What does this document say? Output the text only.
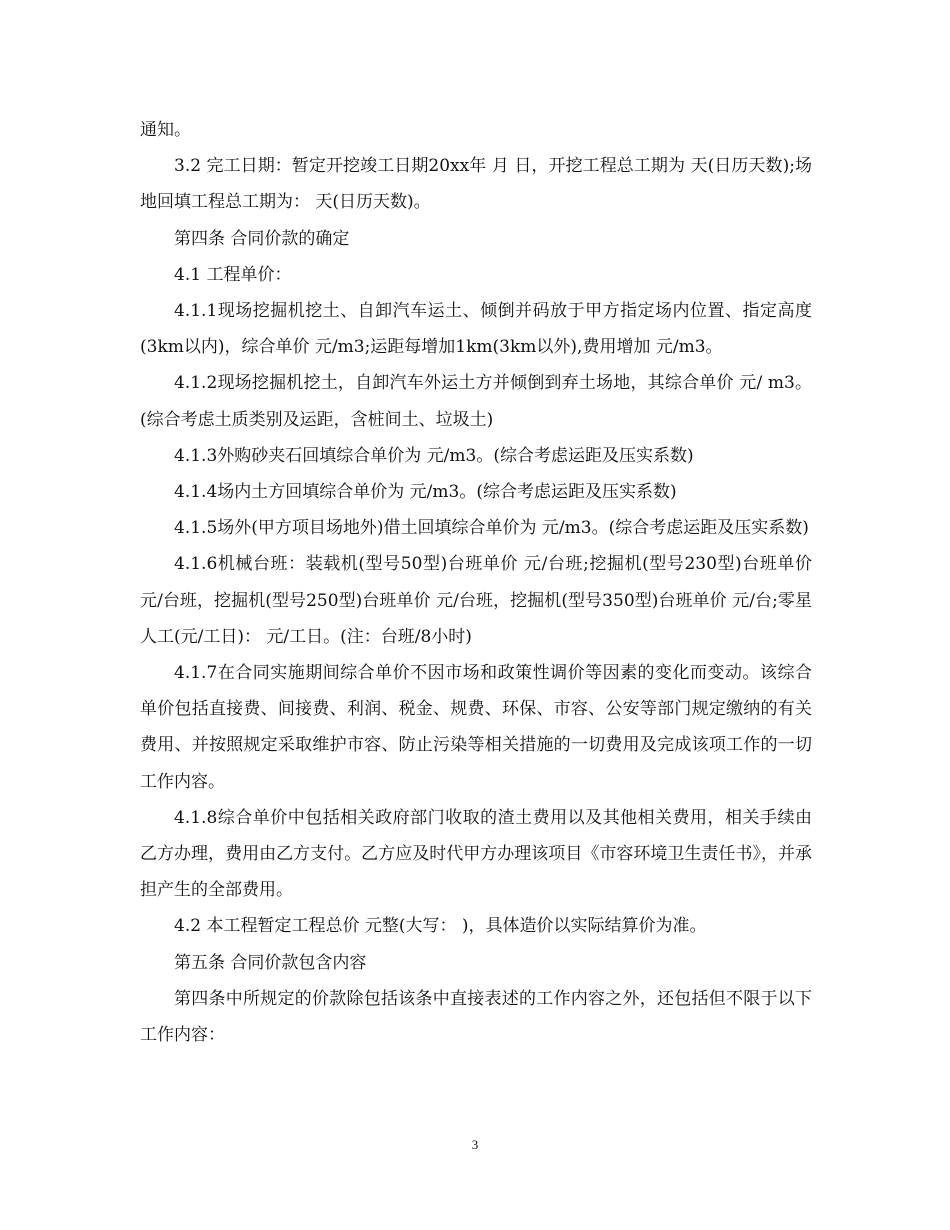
通知。

3.2 完工日期：暂定开挖竣工日期20xx年 月 日，开挖工程总工期为 天(日历天数);场地回填工程总工期为： 天(日历天数)。

第四条 合同价款的确定

4.1 工程单价：

4.1.1现场挖掘机挖土、自卸汽车运土、倾倒并码放于甲方指定场内位置、指定高度(3km以内)，综合单价 元/m3;运距每增加1km(3km以外),费用增加 元/m3。

4.1.2现场挖掘机挖土，自卸汽车外运土方并倾倒到弃土场地，其综合单价 元/ m3。(综合考虑土质类别及运距，含桩间土、垃圾土)

4.1.3外购砂夹石回填综合单价为 元/m3。(综合考虑运距及压实系数)

4.1.4场内土方回填综合单价为 元/m3。(综合考虑运距及压实系数)

4.1.5场外(甲方项目场地外)借土回填综合单价为 元/m3。(综合考虑运距及压实系数)

4.1.6机械台班：装载机(型号50型)台班单价 元/台班;挖掘机(型号230型)台班单价 元/台班，挖掘机(型号250型)台班单价 元/台班，挖掘机(型号350型)台班单价 元/台;零星人工(元/工日)： 元/工日。(注：台班/8小时)

4.1.7在合同实施期间综合单价不因市场和政策性调价等因素的变化而变动。该综合单价包括直接费、间接费、利润、税金、规费、环保、市容、公安等部门规定缴纳的有关费用、并按照规定采取维护市容、防止污染等相关措施的一切费用及完成该项工作的一切工作内容。

4.1.8综合单价中包括相关政府部门收取的渣土费用以及其他相关费用，相关手续由乙方办理，费用由乙方支付。乙方应及时代甲方办理该项目《市容环境卫生责任书》，并承担产生的全部费用。

4.2 本工程暂定工程总价 元整(大写： )，具体造价以实际结算价为准。

第五条 合同价款包含内容

第四条中所规定的价款除包括该条中直接表述的工作内容之外，还包括但不限于以下工作内容：

3
